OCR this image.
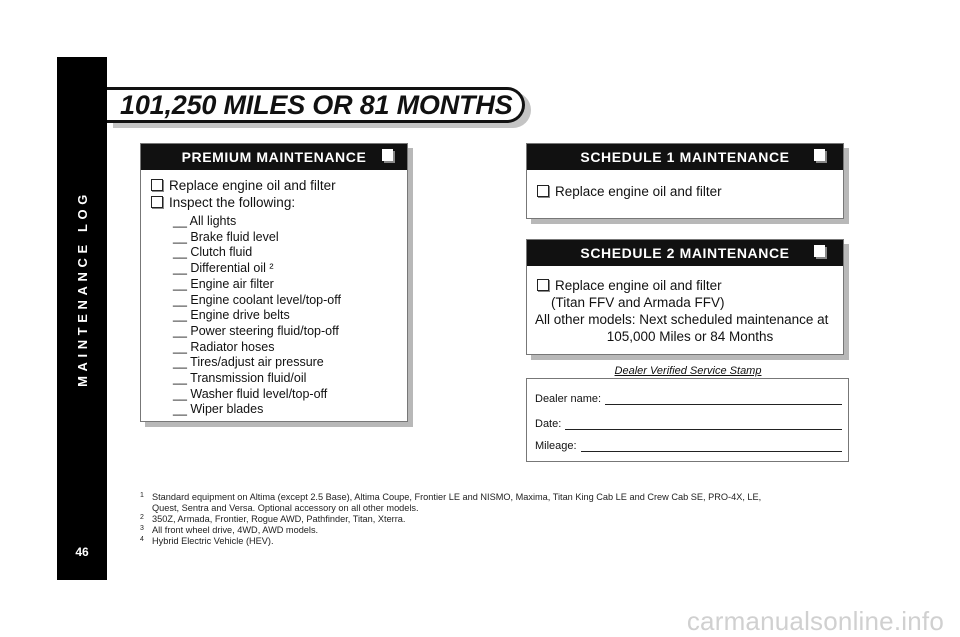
MAINTENANCE LOG
46
101,250 MILES OR 81 MONTHS
PREMIUM MAINTENANCE
Replace engine oil and filter
Inspect the following:
__ All lights
__ Brake fluid level
__ Clutch fluid
__ Differential oil ²
__ Engine air filter
__ Engine coolant level/top-off
__ Engine drive belts
__ Power steering fluid/top-off
__ Radiator hoses
__ Tires/adjust air pressure
__ Transmission fluid/oil
__ Washer fluid level/top-off
__ Wiper blades
SCHEDULE 1 MAINTENANCE
Replace engine oil and filter
SCHEDULE 2 MAINTENANCE
Replace engine oil and filter
(Titan FFV and Armada FFV)
All other models: Next scheduled maintenance at
105,000 Miles or 84 Months
Dealer Verified Service Stamp
Dealer name:
Date:
Mileage:
1 Standard equipment on Altima (except 2.5 Base), Altima Coupe, Frontier LE and NISMO, Maxima, Titan King Cab LE and Crew Cab SE, PRO-4X, LE,
Quest, Sentra and Versa. Optional accessory on all other models.
2 350Z, Armada, Frontier, Rogue AWD, Pathfinder, Titan, Xterra.
3 All front wheel drive, 4WD, AWD models.
4 Hybrid Electric Vehicle (HEV).
carmanualsonline.info
